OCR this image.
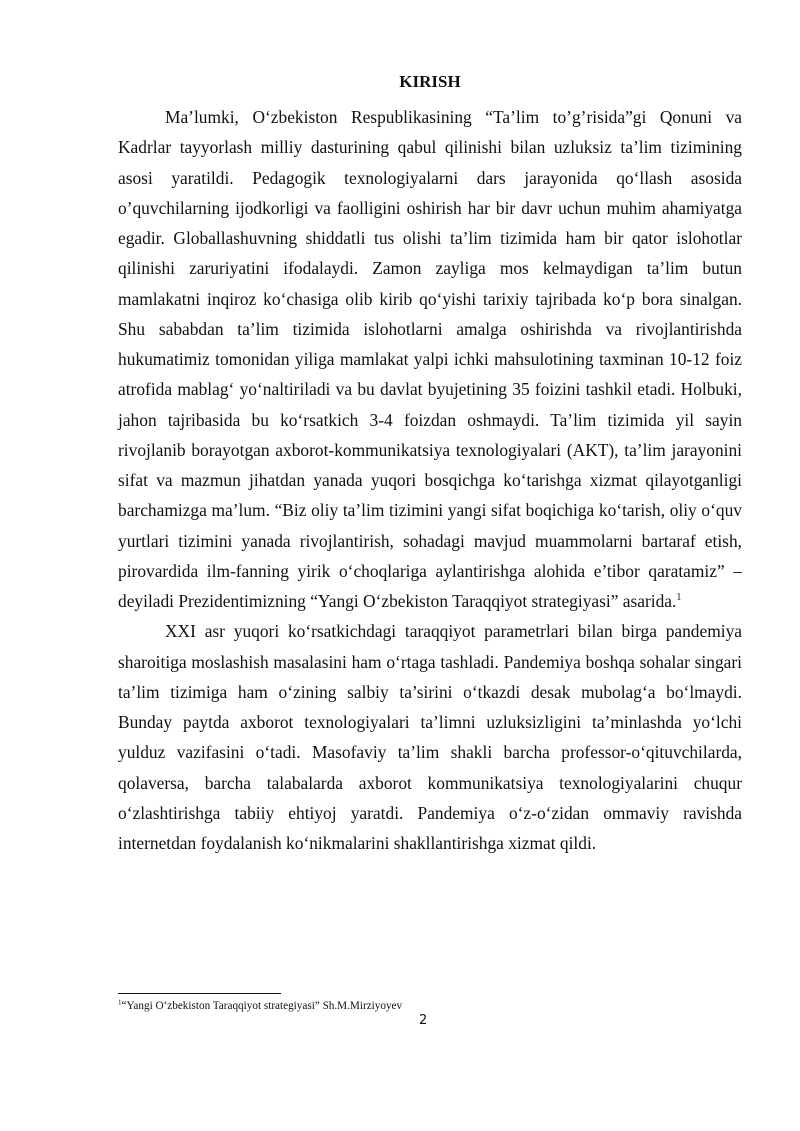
KIRISH

Ma’lumki, O‘zbekiston Respublikasining “Ta’lim to’g’risida”gi Qonuni va Kadrlar tayyorlash milliy dasturining qabul qilinishi bilan uzluksiz ta’lim tizimining asosi yaratildi. Pedagogik texnologiyalarni dars jarayonida qo‘llash asosida o’quvchilarning ijodkorligi va faolligini oshirish har bir davr uchun muhim ahamiyatga egadir. Globallashuvning shiddatli tus olishi ta’lim tizimida ham bir qator islohotlar qilinishi zaruriyatini ifodalaydi. Zamon zayliga mos kelmaydigan ta’lim butun mamlakatni inqiroz ko‘chasiga olib kirib qo‘yishi tarixiy tajribada ko‘p bora sinalgan. Shu sababdan ta’lim tizimida islohotlarni amalga oshirishda va rivojlantirishda hukumatimiz tomonidan yiliga mamlakat yalpi ichki mahsulotining taxminan 10-12 foiz atrofida mablag‘ yo‘naltiriladi va bu davlat byujetining 35 foizini tashkil etadi. Holbuki, jahon tajribasida bu ko‘rsatkich 3-4 foizdan oshmaydi. Ta’lim tizimida yil sayin rivojlanib borayotgan axborot-kommunikatsiya texnologiyalari (AKT), ta’lim jarayonini sifat va mazmun jihatdan yanada yuqori bosqichga ko‘tarishga xizmat qilayotganligi barchamizga ma’lum. “Biz oliy ta’lim tizimini yangi sifat boqichiga ko‘tarish, oliy o‘quv yurtlari tizimini yanada rivojlantirish, sohadagi mavjud muammolarni bartaraf etish, pirovardida ilm-fanning yirik o‘choqlariga aylantirishga alohida e’tibor qaratamiz” – deyiladi Prezidentimizning “Yangi O‘zbekiston Taraqqiyot strategiyasi” asarida.$^1$

XXI asr yuqori ko‘rsatkichdagi taraqqiyot parametrlari bilan birga pandemiya sharoitiga moslashish masalasini ham o‘rtaga tashladi. Pandemiya boshqa sohalar singari ta’lim tizimiga ham o‘zining salbiy ta’sirini o‘tkazdi desak mubolag‘a bo‘lmaydi. Bunday paytda axborot texnologiyalari ta’limni uzluksizligini ta’minlashda yo‘lchi yulduz vazifasini o‘tadi. Masofaviy ta’lim shakli barcha professor-o‘qituvchilarda, qolaversa, barcha talabalarda axborot kommunikatsiya texnologiyalarini chuqur o‘zlashtirishga tabiiy ehtiyoj yaratdi. Pandemiya o‘z-o‘zidan ommaviy ravishda internetdan foydalanish ko‘nikmalarini shakllantirishga xizmat qildi.

$^1$“Yangi O‘zbekiston Taraqqiyot strategiyasi” Sh.M.Mirziyoyev
2
